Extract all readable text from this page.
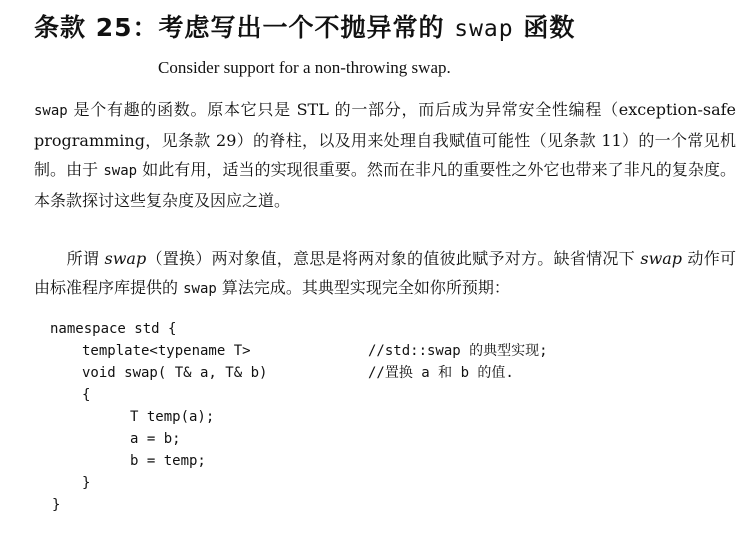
条款 25：考虑写出一个不抛异常的 swap 函数
Consider support for a non-throwing swap.

swap 是个有趣的函数。原本它只是 STL 的一部分，而后成为异常安全性编程（exception-safe programming，见条款 29）的脊柱，以及用来处理自我赋值可能性（见条款 11）的一个常见机制。由于 swap 如此有用，适当的实现很重要。然而在非凡的重要性之外它也带来了非凡的复杂度。本条款探讨这些复杂度及因应之道。

　　所谓 swap（置换）两对象值，意思是将两对象的值彼此赋予对方。缺省情况下 swap 动作可由标准程序库提供的 swap 算法完成。其典型实现完全如你所预期：

namespace std {

template<typename T>

	//std::swap 的典型实现;

void swap( T& a, T& b)

	//置换 a 和 b 的值.

{

T temp(a);

a = b;

b = temp;

}

}
